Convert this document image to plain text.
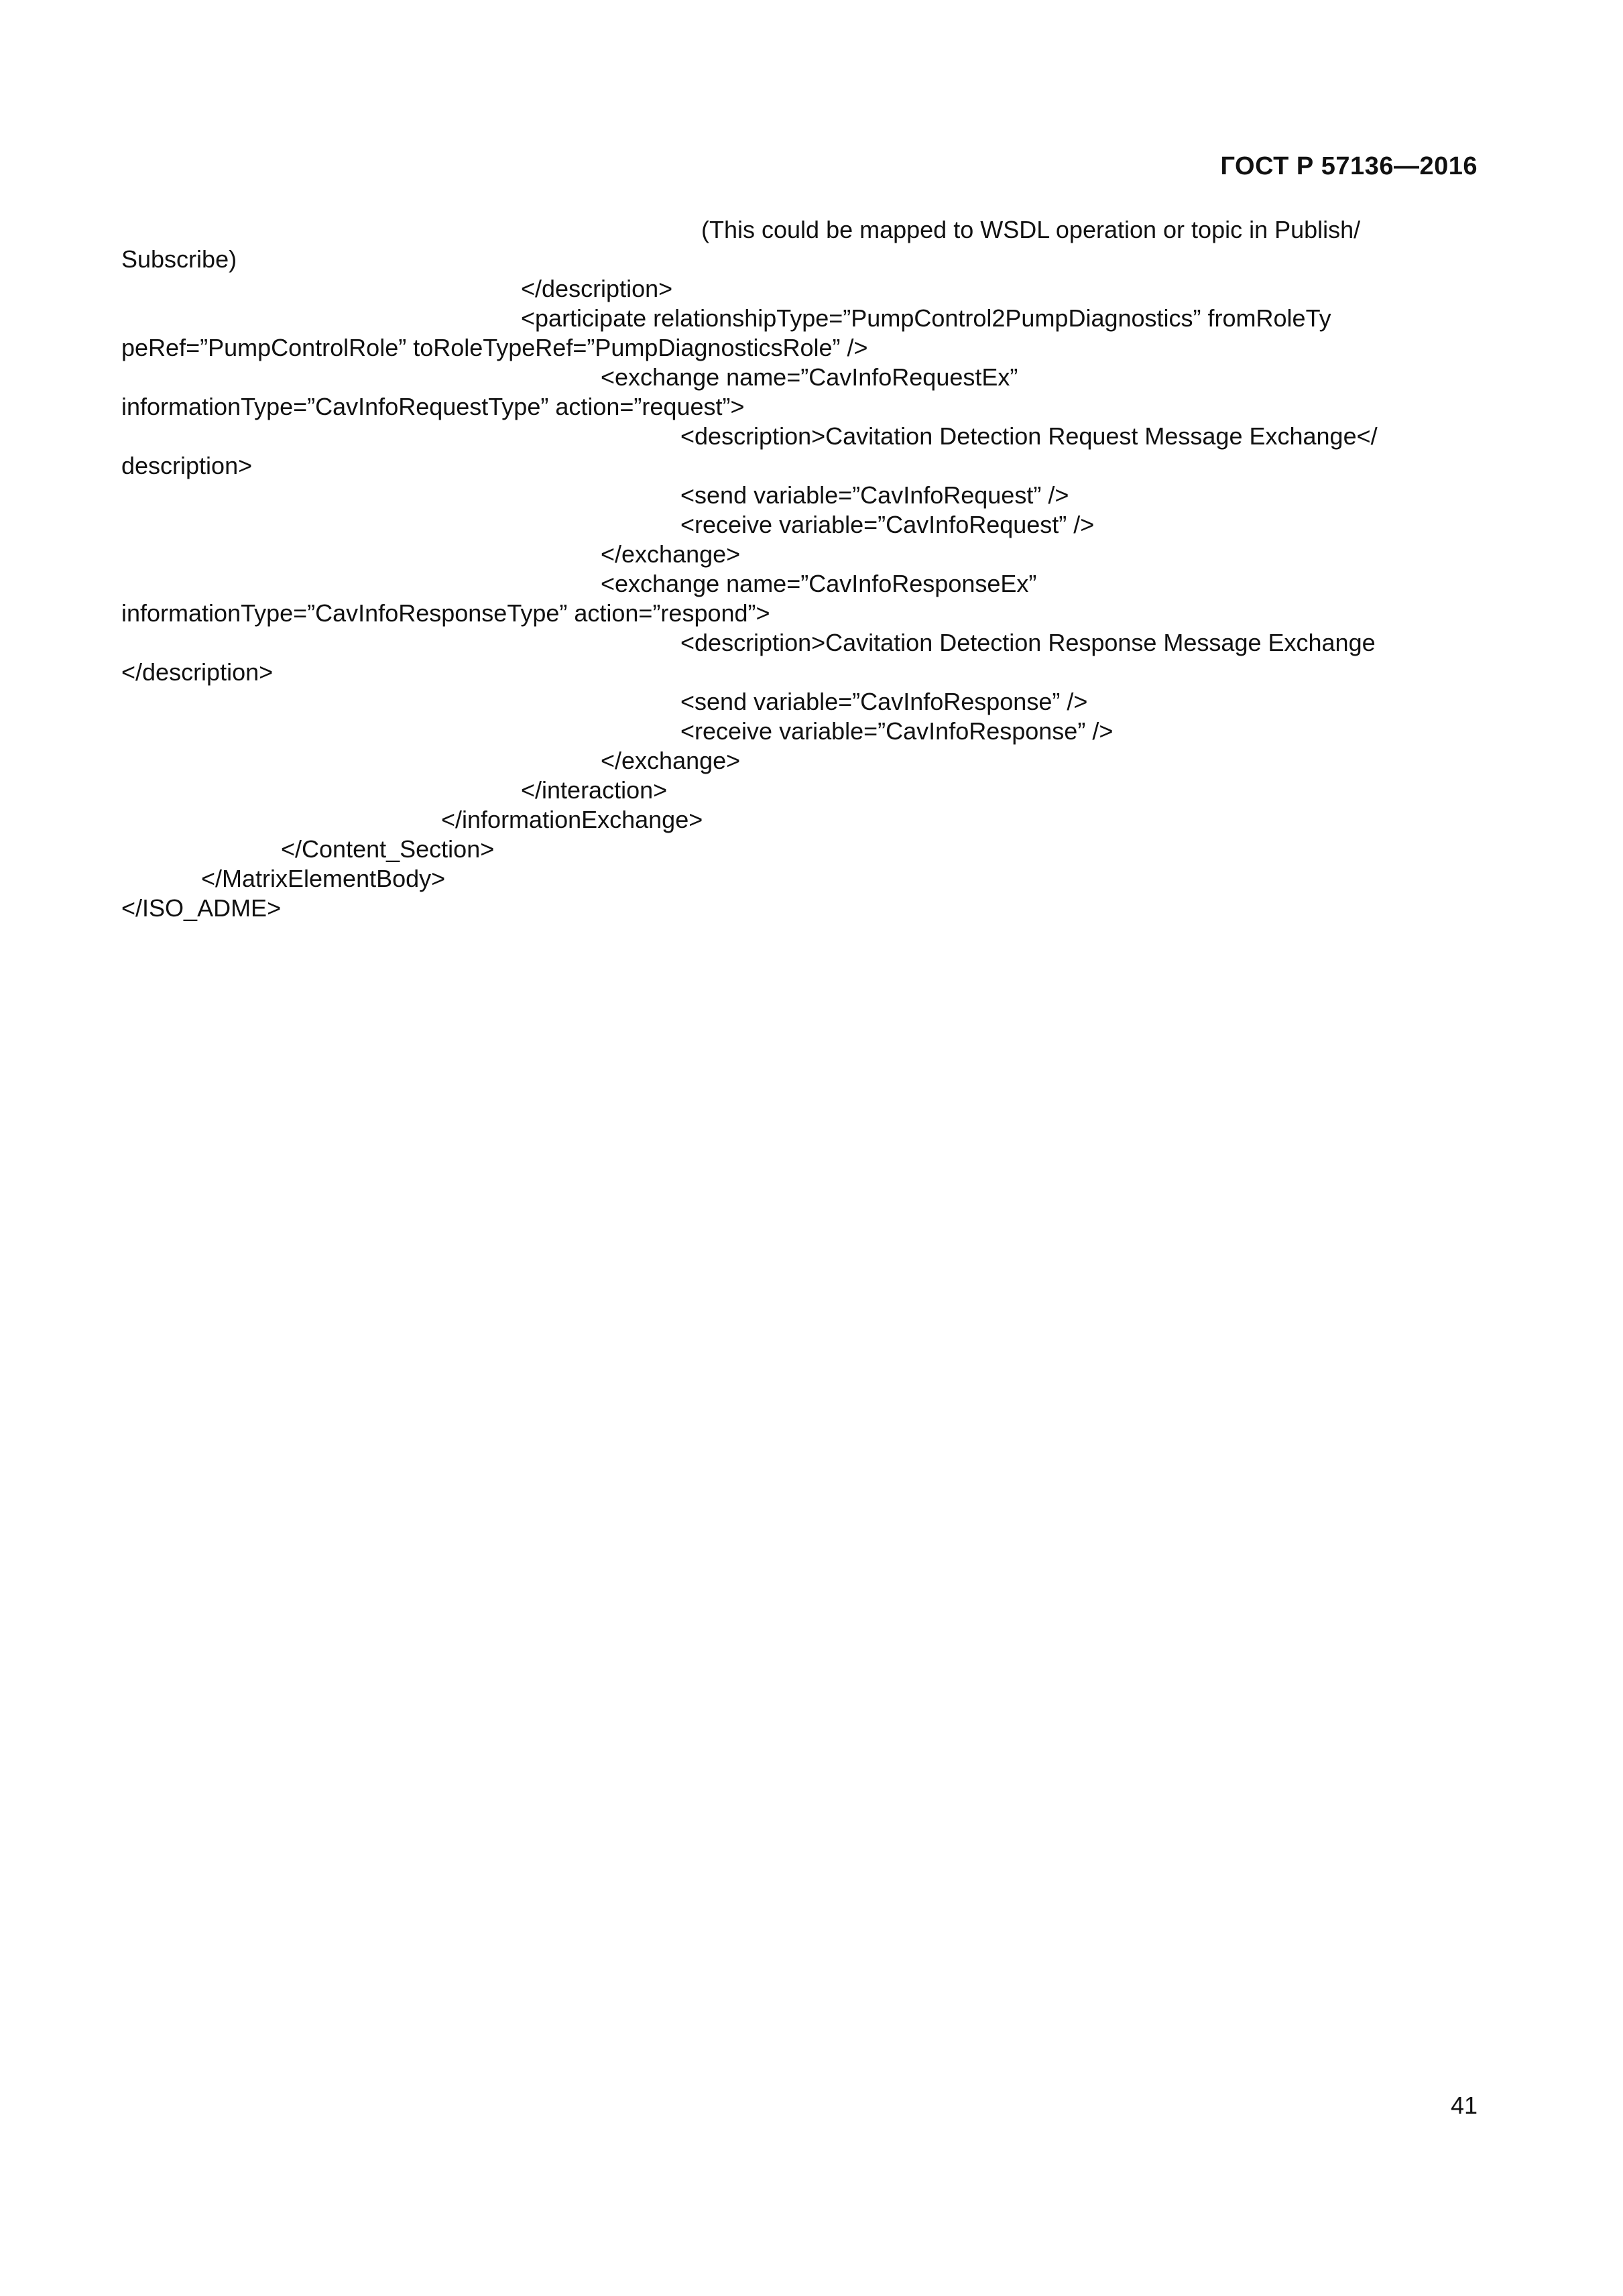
ГОСТ Р 57136—2016
(This could be mapped to WSDL operation or topic in Publish/
Subscribe)
</description>
<participate relationshipType=”PumpControl2PumpDiagnostics” fromRoleTy
peRef=”PumpControlRole” toRoleTypeRef=”PumpDiagnosticsRole” />
<exchange name=”CavInfoRequestEx”
informationType=”CavInfoRequestType” action=”request”>
<description>Cavitation Detection Request Message Exchange</
description>
<send variable=”CavInfoRequest” />
<receive variable=”CavInfoRequest” />
</exchange>
<exchange name=”CavInfoResponseEx”
informationType=”CavInfoResponseType” action=”respond”>
<description>Cavitation Detection Response Message Exchange
</description>
<send variable=”CavInfoResponse” />
<receive variable=”CavInfoResponse” />
</exchange>
</interaction>
</informationExchange>
</Content_Section>
</MatrixElementBody>
</ISO_ADME>
41
